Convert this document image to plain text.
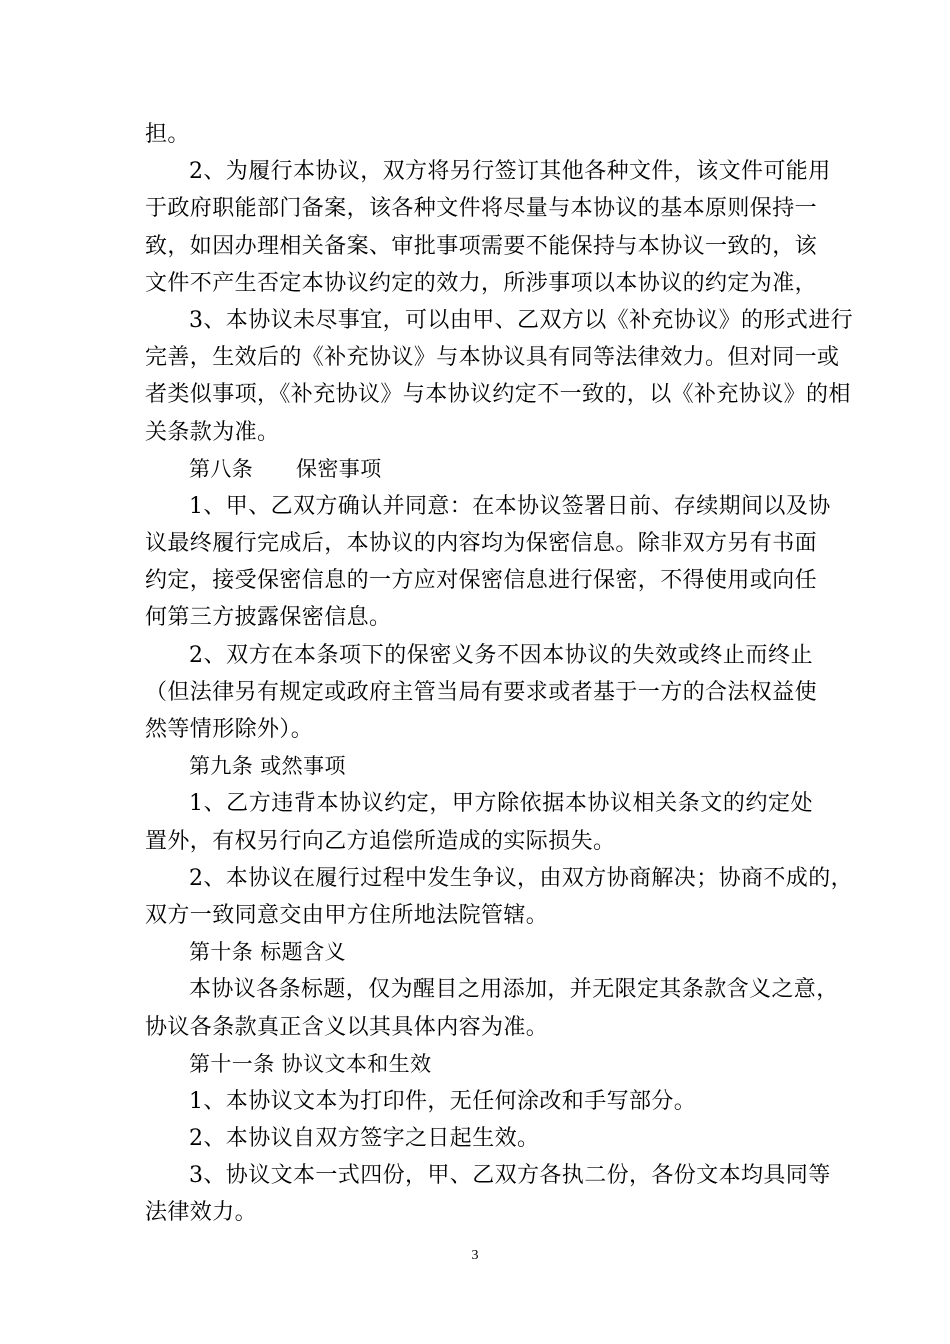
担。
2、为履行本协议，双方将另行签订其他各种文件，该文件可能用
于政府职能部门备案，该各种文件将尽量与本协议的基本原则保持一
致，如因办理相关备案、审批事项需要不能保持与本协议一致的，该
文件不产生否定本协议约定的效力，所涉事项以本协议的约定为准，
3、本协议未尽事宜，可以由甲、乙双方以《补充协议》的形式进行
完善，生效后的《补充协议》与本协议具有同等法律效力。但对同一或
者类似事项，《补充协议》与本协议约定不一致的，以《补充协议》的相
关条款为准。
第八条　　保密事项
1、甲、乙双方确认并同意：在本协议签署日前、存续期间以及协
议最终履行完成后，本协议的内容均为保密信息。除非双方另有书面
约定，接受保密信息的一方应对保密信息进行保密，不得使用或向任
何第三方披露保密信息。
2、双方在本条项下的保密义务不因本协议的失效或终止而终止
（但法律另有规定或政府主管当局有要求或者基于一方的合法权益使
然等情形除外）。
第九条 或然事项
1、乙方违背本协议约定，甲方除依据本协议相关条文的约定处
置外，有权另行向乙方追偿所造成的实际损失。
2、本协议在履行过程中发生争议，由双方协商解决；协商不成的，
双方一致同意交由甲方住所地法院管辖。
第十条 标题含义
本协议各条标题，仅为醒目之用添加，并无限定其条款含义之意，
协议各条款真正含义以其具体内容为准。
第十一条 协议文本和生效
1、本协议文本为打印件，无任何涂改和手写部分。
2、本协议自双方签字之日起生效。
3、协议文本一式四份，甲、乙双方各执二份，各份文本均具同等
法律效力。
3
